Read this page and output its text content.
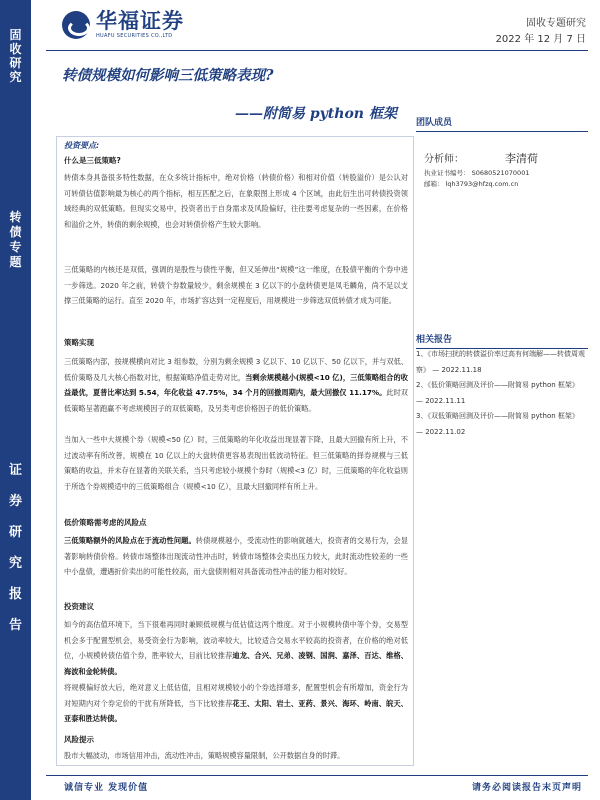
固
收
研
究
转
债
专
题
证
券
研
究
报
告
华福证券
HUAFU SECURITIES CO.,LTD
固收专题研究
2022 年 12 月 7 日
转债规模如何影响三低策略表现?
——附简易 python 框架
团队成员
分析师：	李清荷
执业证书编号： S0680521070001
邮箱： lqh3793@hfzq.com.cn
相关报告
1、《市场扫扰的转债溢价率过高有何端解——转债周观察》 — 2022.11.18
2、《低价策略回测及评价——附简易 python 框架》 — 2022.11.11
3、《双低策略回测及评价——附简易 python 框架》 — 2022.11.02
投资要点:
什么是三低策略?
转债本身具备很多特性数据，在众多统计指标中，绝对价格（转债价格）和相对价值（转股溢价）是公认对可转债估值影响最为核心的两个指标，相互匹配之后，在象限图上形成 4 个区域，由此衍生出可转债投资领域经典的双低策略。但现实交易中，投资者出于自身需求及风险偏好，往往要考虑复杂的一些因素，在价格和溢价之外，转债的剩余规模，也会对转债价格产生较大影响。
三低策略的内核还是双低，强调的是股性与债性平衡，但又延伸出“规模”这一维度，在股债平衡的个券中进一步筛选。2020 年之前，转债个券数量较少，剩余规模在 3 亿以下的小盘转债更是凤毛麟角，尚不足以支撑三低策略的运行。直至 2020 年，市场扩容达到一定程度后，用规模进一步筛选双低转债才成为可能。
策略实现
三低策略内部，按规模横向对比 3 组参数，分别为剩余规模 3 亿以下、10 亿以下、50 亿以下，并与双低、低价策略及几大核心指数对比，根据策略净值走势对比，当剩余规模越小(规模<10 亿)，三低策略组合的收益最优，夏普比率达到 5.54，年化收益 47.75%，34 个月的回撤周期内，最大回撤仅 11.17%。此时双低策略呈著跑赢不考虑规模因子的双低策略，及另类考虑价格因子的低价策略。
当加入一些中大规模个券（规模<50 亿）时，三低策略的年化收益出现显著下降，且最大回撤有所上升，不过波动率有所改善，规模在 10 亿以上的大盘转债更容易表现出低波动特征。但三低策略的择券规模与三低策略的收益，并未存在显著的关联关系，当只考虑较小规模个券时（规模<3 亿）时，三低策略的年化收益则于所选个券规模适中的三低策略组合（规模<10 亿），且最大回撤同样有所上升。
低价策略需考虑的风险点
三低策略额外的风险点在于流动性问题。转债规模越小，受流动性的影响就越大，投资者的交易行为，会显著影响转债价格。转债市场整体出现流动性冲击时，转债市场整体会卖出压力较大，此时流动性较差的一些中小盘债，遭遇折价卖出的可能性较高，而大盘债则相对具备流动性冲击的能力相对较好。
投资建议
如今的高估值环境下，当下很难再同时兼顾低规模与低估值这两个维度。对于小规模转债中等个券，交易型机会多于配置型机会，易受资金行为影响，波动率较大，比较适合交易水平较高的投资者，在价格的绝对低位，小规模转债估值个券，胜率较大，目前比较推荐迪龙、合兴、兄弟、凌钢、国润、嘉泽、百达、维格、海波和金轮转债。
将规模偏好放大后，绝对意义上低估值，且相对规模较小的个券选择增多，配置型机会有所增加，资金行为对短期内对个券定价的干扰有所降低，当下比较推荐花王、太阳、岩土、亚药、景兴、海环、岭南、皖天、亚泰和胜达转债。
风险提示
股市大幅波动，市场信用冲击，流动性冲击，策略规模容量限制，公开数据自身的时滞。
诚信专业 发现价值	请务必阅读报告末页声明
